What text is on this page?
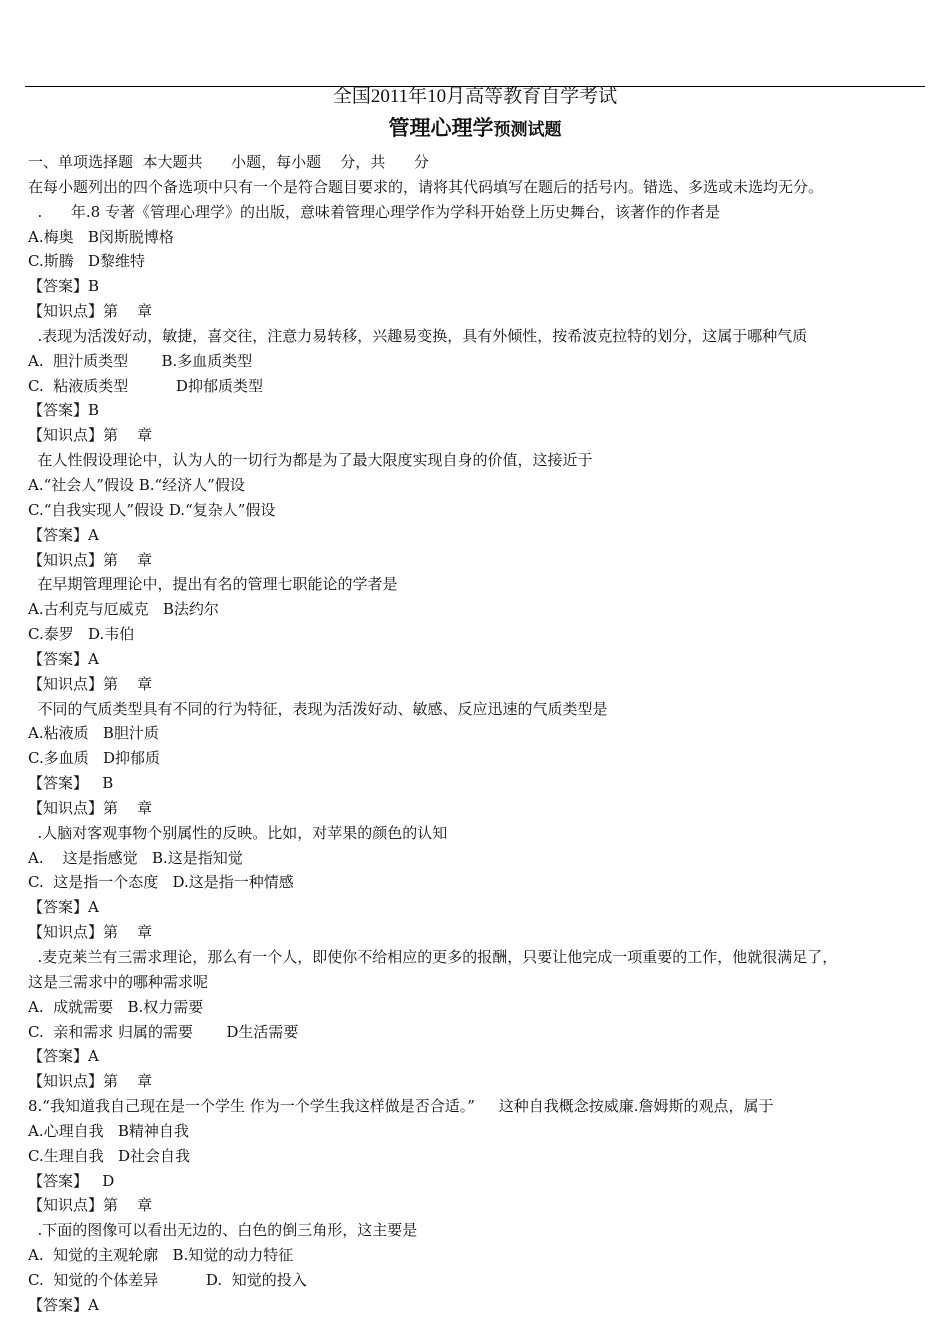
全国2011年10月高等教育自学考试
管理心理学预测试题
一、单项选择题  本大题共      小题，每小题    分，共      分
在每小题列出的四个备选项中只有一个是符合题目要求的，请将其代码填写在题后的括号内。错选、多选或未选均无分。
.      年.8 专著《管理心理学》的出版，意味着管理心理学作为学科开始登上历史舞台，该著作的作者是
A.梅奥   B闵斯脱博格
C.斯腾   D黎维特
【答案】B
【知识点】第    章
.表现为活泼好动，敏捷，喜交往，注意力易转移，兴趣易变换，具有外倾性，按希波克拉特的划分，这属于哪种气质
A.  胆汁质类型       B.多血质类型
C.  粘液质类型          D抑郁质类型
【答案】B
【知识点】第    章
在人性假设理论中，认为人的一切行为都是为了最大限度实现自身的价值，这接近于
A.“社会人”假设 B.“经济人”假设
C.“自我实现人”假设 D.“复杂人”假设
【答案】A
【知识点】第    章
在早期管理理论中，提出有名的管理七职能论的学者是
A.古利克与厄威克   B法约尔
C.泰罗   D.韦伯
【答案】A
【知识点】第    章
不同的气质类型具有不同的行为特征，表现为活泼好动、敏感、反应迅速的气质类型是
A.粘液质   B胆汁质
C.多血质   D抑郁质
【答案】   B
【知识点】第    章
.人脑对客观事物个别属性的反映。比如，对苹果的颜色的认知
A.    这是指感觉   B.这是指知觉
C.  这是指一个态度   D.这是指一种情感
【答案】A
【知识点】第    章
.麦克莱兰有三需求理论，那么有一个人，即使你不给相应的更多的报酬，只要让他完成一项重要的工作，他就很满足了，
这是三需求中的哪种需求呢
A.  成就需要   B.权力需要
C.  亲和需求 归属的需要       D生活需要
【答案】A
【知识点】第    章
8.“我知道我自己现在是一个学生 作为一个学生我这样做是否合适。”     这种自我概念按威廉.詹姆斯的观点，属于
A.心理自我   B精神自我
C.生理自我   D社会自我
【答案】   D
【知识点】第    章
.下面的图像可以看出无边的、白色的倒三角形，这主要是
A.  知觉的主观轮廓   B.知觉的动力特征
C.  知觉的个体差异          D.  知觉的投入
【答案】A
